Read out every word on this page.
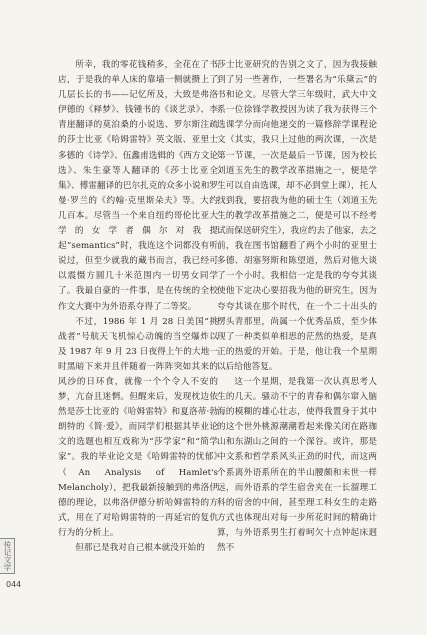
所幸，我的零花钱稍多，全花在了书店，于是我的单人床的靠墙一侧就攒上了几层长长的书——记忆所及，大致是弗洛伊德的《释梦》、钱锺书的《谈艺录》、李青崖翻译的莫泊桑的小说选、罗尔斯注疏的莎士比亚《哈姆雷特》英文版、亚里士多德的《诗学》、伍蠡甫选辑的《西方文论选》、朱生豪等人翻译的《莎士比亚全集》、傅雷翻译的巴尔扎克的众多小说和罗曼·罗兰的《约翰·克里斯朵夫》等。大约几百本。尽管当一个来自纽约哥伦比亚大学的女学者偶尔对我提起“semantics”时，我连这个词都没有听说过，但至少就我的藏书而言，我已经可以震慑方圆几十米范围内一切男女同学了。我最自豪的一件事，是在传统的全校作文大赛中为外语系夺得了二等奖。

不过，1986 年 1 月 28 日美国“挑战者”号航天飞机惊心动魄的当空爆炸以及 1987 年 9 月 23 日夜得上午的大地一时黑暗下来并且伴随着一阵阵突如其来的风沙的日环食，就像一个个令人不安的梦，亢奋且迷惘。但醒来后，发现枕边依然是莎士比亚的《哈姆雷特》和夏洛蒂·勃朗特的《简·爱》，而同学们根据其毕业论文的选题也相互戏称为“莎学家”和“简学家”。我的毕业论文是《哈姆雷特的忧郁》（An Analysis of Hamlet's Melancholy），把我最新接触到的弗洛伊德的理论，以弗洛伊德分析哈姆雷特的方式，用在了对哈姆雷特的一再延宕的复仇行为的分析上。

但那已是我对自己根本就没开始的

莎士比亚研究的告别之文了，因为我接触到了另一些著作，一些署名为“乐黛云”的书和论文。尽管大学三年级时，武大中文系一位徐锋学教授因为读了我为获得三个选课学分而向他递交的一篇修辞学课程论文（其实，我只上过他的两次课，一次是第一节课，一次是最后一节课，因为校长刘道玉先生的教学改革措施之一，便是学生可以自由选课，却不必到堂上课），托人找到我，要招我为他的硕士生（刘道玉先生的教学改革措施之二，便是可以不经考试而保送研究生），我应约去了他家，去之前，我在图书馆翻看了两个小时的亚里士多德、胡塞努斯和陈望道，然后对他大谈了一个小时。我相信一定是我的夸夸其谈使他下定决心要招我为他的研究生，因为夸夸其谈在那个时代，在一个二十出头的楞头青那里，尚属一个优秀品质，至少体现了一种类似单相思的茫然的热爱，是真正的热爱的开始。于是，他让我一个星期以后给他答复。

这一个星期，是我第一次认真思考人生的几天。骚动不宁的青春和偶尔窜入脑海的模糊的雄心壮志，使得我置身于其中的这个世外桃源潮潮看起来像关闭在路珈山和东湖山之间的一个深谷。或许，那是中文系和哲学系风头正劲的时代，而这两个系离外语系所在的半山腰颇和未世一样远，而外语系的学生宿舍夹在一长溜理工科的宿舍的中间，甚至理工科女生的走路方式也体现出对每一步所花时间的精确计算，与外语系男生打着呵欠十点钟起床迥然不

传记文学
044
